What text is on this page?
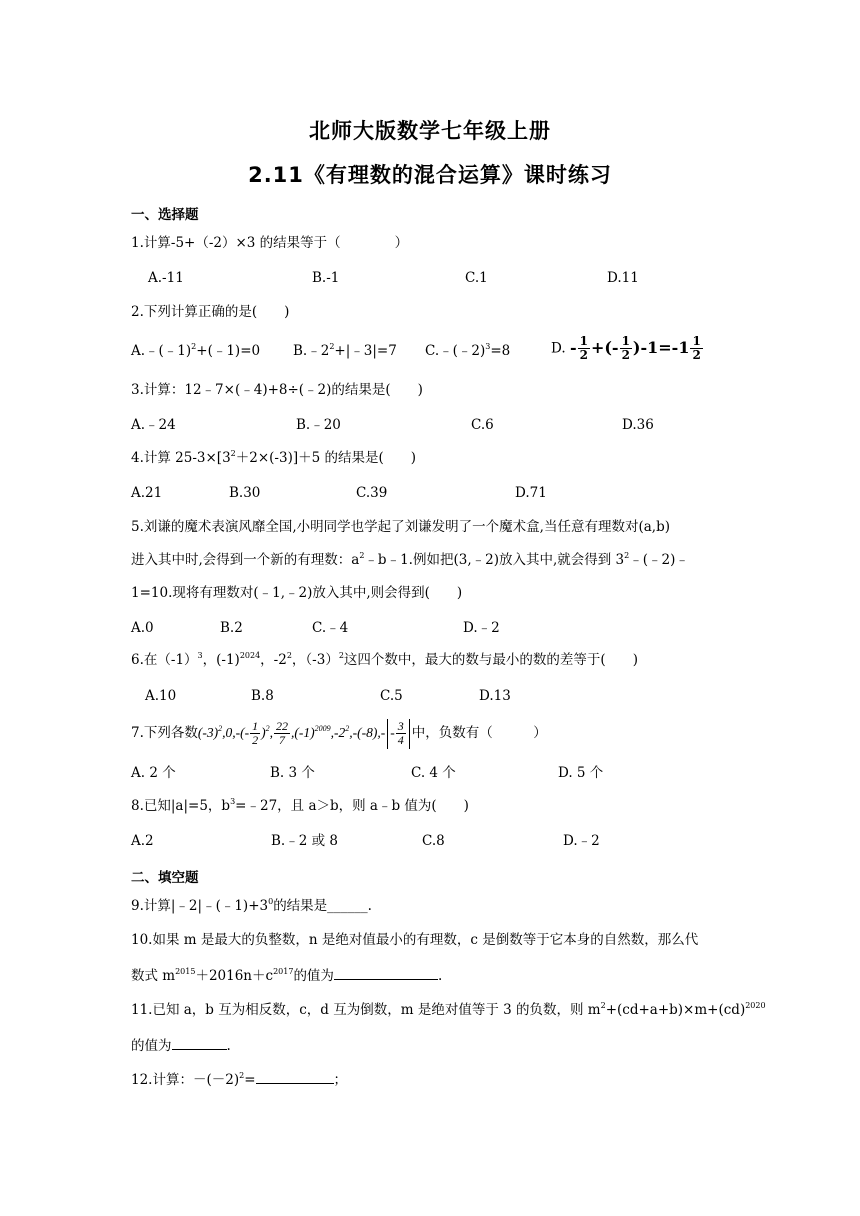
北师大版数学七年级上册
2.11《有理数的混合运算》课时练习
一、选择题
1.计算-5+（-2）×3 的结果等于（　　　　）
A.-11	B.-1	C.1	D.11
2.下列计算正确的是(　　)
A.﹣(﹣1)$^2$+(﹣1)=0 $B.﹣2^2+|﹣3|=7$ C.﹣(﹣2)$^3$=8	D. - $\frac{1}{2}$ +(- $\frac{1}{2} )-1=-1 \frac{1}{2}$
3.计算：12﹣7×(﹣4)+8÷(﹣2)的结果是(　　)
A.﹣24	B.﹣20	C.6	D.36
4.计算 $25-3\times[3^2+2\times(-3)]+5$ 的结果是(　　)
A.21	B.30	C.39	D.71
5.刘谦的魔术表演风靡全国,小明同学也学起了刘谦发明了一个魔术盒,当任意有理数对(a,b)
进入其中时,会得到一个新的有理数：$a^2﹣b﹣1$.例如把(3,﹣2)放入其中,就会得到 $3^2﹣(﹣2)﹣$
1=10.现将有理数对(﹣1,﹣2)放入其中,则会得到(　　)
A.0	B.2	C.﹣4	D.﹣2
6.在$(-1)^3$，$(-1)^{2024}$，$-2^2$，$(-3)^2$这四个数中，最大的数与最小的数的差等于(　　)
A.10	B.8	C.5	D.13
7.下列各数$(-3)^2,0,-(- \frac{1}{2} )^2$, $\frac{22}{7} ,(-1)^{2009},-2^2,-(-8),- - \frac{3}{4}$ 中，负数有（　　　）
A. 2 个	B. 3 个	C. 4 个	D. 5 个
8.已知|a|=5，$b^3=﹣27$，且 a＞b，则 a﹣b 值为(　　)
A.2	B.﹣2 或 8	C.8	D.﹣2
二、填空题
9.计算$|﹣2|﹣(﹣1)+3^0$的结果是______.
10.如果 m 是最大的负整数，n 是绝对值最小的有理数，c 是倒数等于它本身的自然数，那么代
数式 $m^{2015}+2016n+c^{2017}$的值为	.
11.已知 a，b 互为相反数，c，d 互为倒数，m 是绝对值等于 3 的负数，则 $m^2+(cd+a+b)\times m+(cd)^{2020}$
的值为	.
12.计算：$-(-2)^2=$	；
